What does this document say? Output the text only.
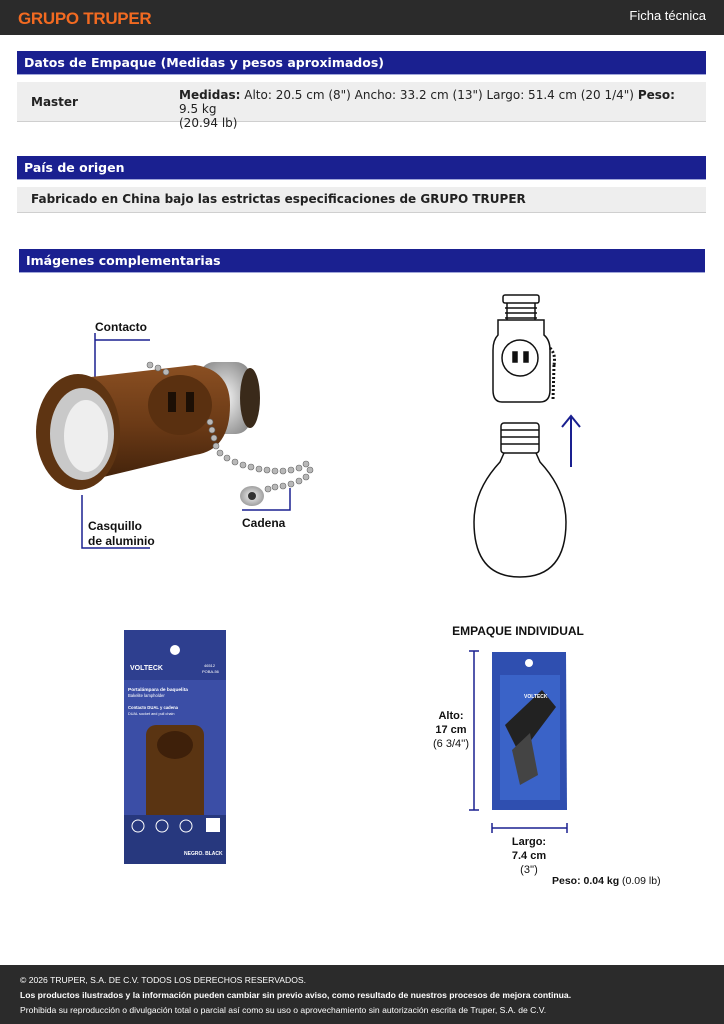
GRUPO TRUPER	Ficha técnica
Datos de Empaque (Medidas y pesos aproximados)
Master	Medidas: Alto: 20.5 cm (8") Ancho: 33.2 cm (13") Largo: 51.4 cm (20 1/4") Peso: 9.5 kg
(20.94 lb)
País de origen
Fabricado en China bajo las estrictas especificaciones de GRUPO TRUPER
Imágenes complementarias
Contacto
Casquillo
de aluminio
Cadena
VOLTECK	46512
POBA-56
Portalámpara de baquelita
Bakelite lampholder
Contacto DUAL y cadena
DUAL socket and pull chain
NEGRO. BLACK
EMPAQUE INDIVIDUAL
VOLTECK
Alto:
17 cm
(6 3/4'')
Largo:
7.4 cm
(3'')
Peso: 0.04 kg (0.09 lb)
© 2026 TRUPER, S.A. DE C.V. TODOS LOS DERECHOS RESERVADOS.
Los productos ilustrados y la información pueden cambiar sin previo aviso, como resultado de nuestros procesos de mejora continua.
Prohibida su reproducción o divulgación total o parcial así como su uso o aprovechamiento sin autorización escrita de Truper, S.A. de C.V.
